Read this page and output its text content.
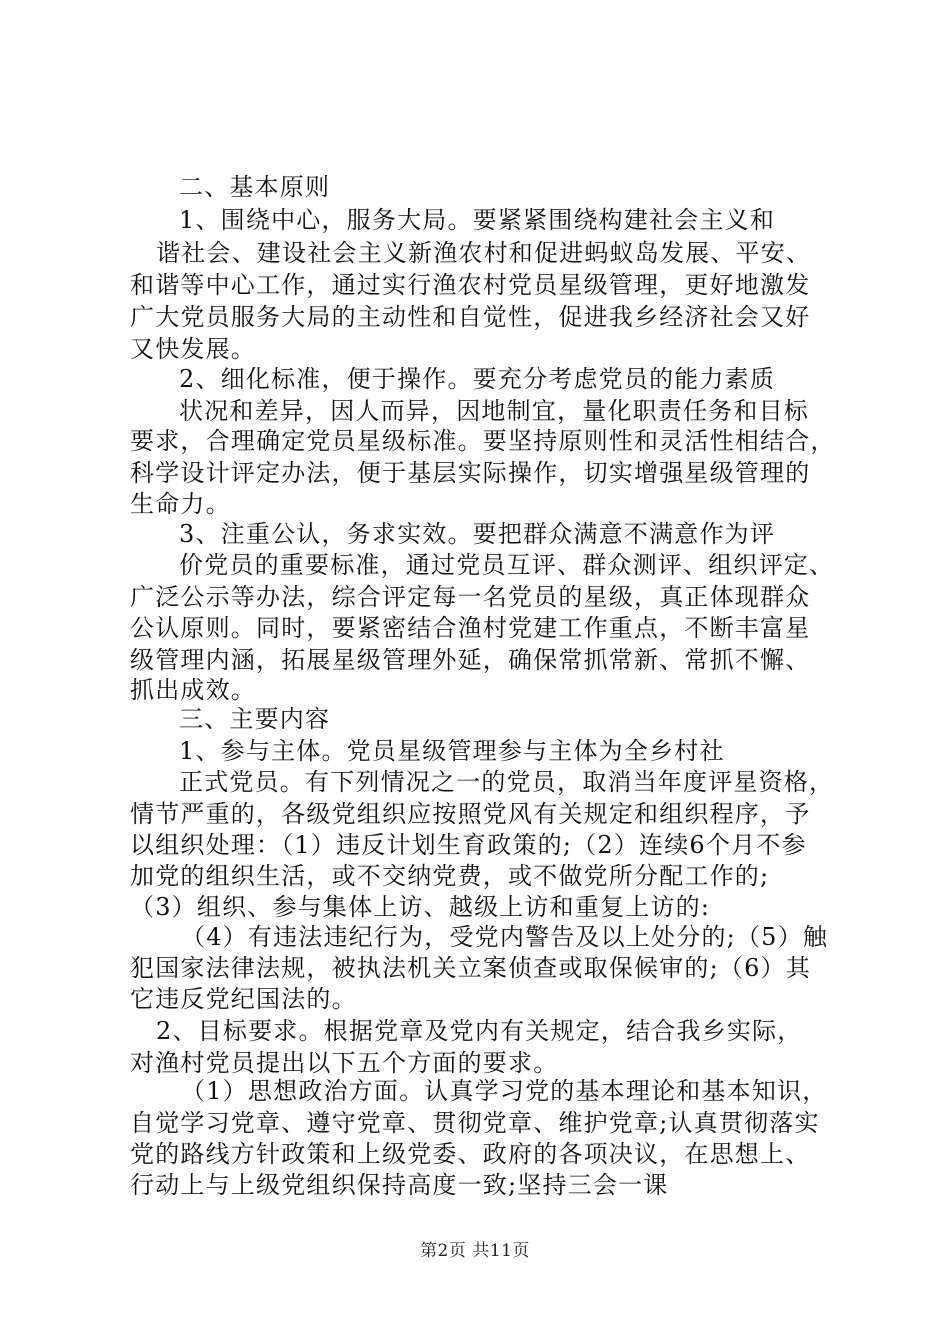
二、基本原则
1、围绕中心，服务大局。要紧紧围绕构建社会主义和
谐社会、建设社会主义新渔农村和促进蚂蚁岛发展、平安、
和谐等中心工作，通过实行渔农村党员星级管理，更好地激发
广大党员服务大局的主动性和自觉性，促进我乡经济社会又好
又快发展。
2、细化标准，便于操作。要充分考虑党员的能力素质
状况和差异，因人而异，因地制宜，量化职责任务和目标
要求，合理确定党员星级标准。要坚持原则性和灵活性相结合，
科学设计评定办法，便于基层实际操作，切实增强星级管理的
生命力。
3、注重公认，务求实效。要把群众满意不满意作为评
价党员的重要标准，通过党员互评、群众测评、组织评定、
广泛公示等办法，综合评定每一名党员的星级，真正体现群众
公认原则。同时，要紧密结合渔村党建工作重点，不断丰富星
级管理内涵，拓展星级管理外延，确保常抓常新、常抓不懈、
抓出成效。
三、主要内容
1、参与主体。党员星级管理参与主体为全乡村社
正式党员。有下列情况之一的党员，取消当年度评星资格，
情节严重的，各级党组织应按照党风有关规定和组织程序，予
以组织处理：（1）违反计划生育政策的;（2）连续6个月不参
加党的组织生活，或不交纳党费，或不做党所分配工作的;
（3）组织、参与集体上访、越级上访和重复上访的:
（4）有违法违纪行为，受党内警告及以上处分的;（5）触
犯国家法律法规，被执法机关立案侦查或取保候审的;（6）其
它违反党纪国法的。
2、目标要求。根据党章及党内有关规定，结合我乡实际，
对渔村党员提出以下五个方面的要求。
（1）思想政治方面。认真学习党的基本理论和基本知识，
自觉学习党章、遵守党章、贯彻党章、维护党章;认真贯彻落实
党的路线方针政策和上级党委、政府的各项决议，在思想上、
行动上与上级党组织保持高度一致;坚持三会一课
第2页 共11页
